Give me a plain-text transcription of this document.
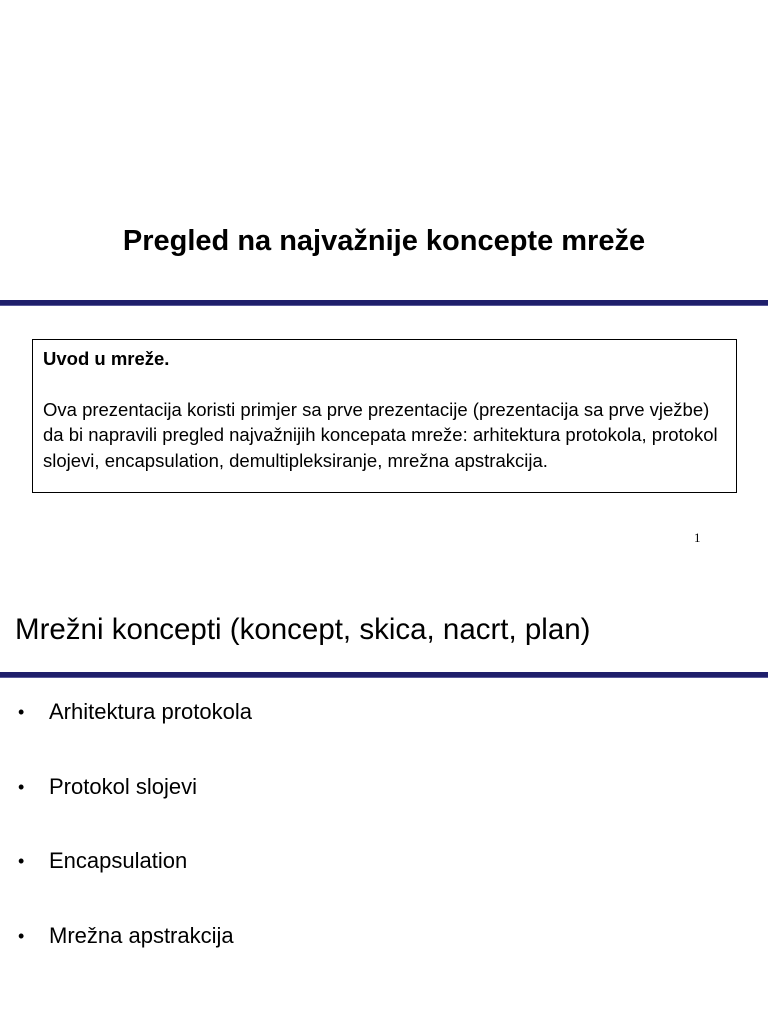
Pregled na najvažnije koncepte mreže
Uvod u mreže.
Ova prezentacija koristi primjer sa prve prezentacije (prezentacija sa prve vježbe) da bi napravili pregled najvažnijih koncepata mreže: arhitektura protokola, protokol slojevi, encapsulation, demultipleksiranje, mrežna apstrakcija.
1
Mrežni koncepti (koncept, skica, nacrt, plan)
• Arhitektura protokola
• Protokol slojevi
• Encapsulation
• Mrežna apstrakcija
